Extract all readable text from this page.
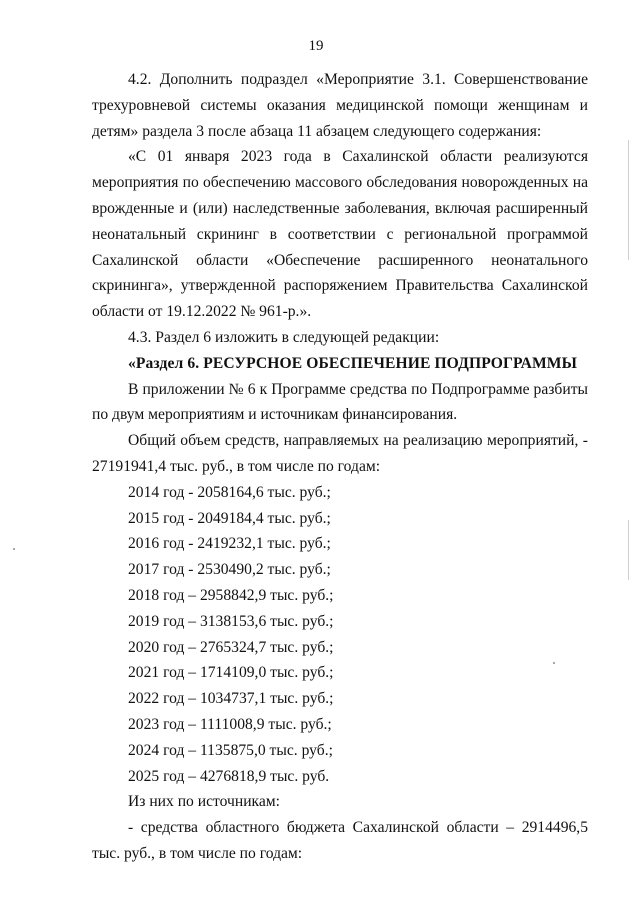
19

4.2. Дополнить подраздел «Мероприятие 3.1. Совершенствование трехуровневой системы оказания медицинской помощи женщинам и детям» раздела 3 после абзаца 11 абзацем следующего содержания:

«С 01 января 2023 года в Сахалинской области реализуются мероприятия по обеспечению массового обследования новорожденных на врожденные и (или) наследственные заболевания, включая расширенный неонатальный скрининг в соответствии с региональной программой Сахалинской области «Обеспечение расширенного неонатального скрининга», утвержденной распоряжением Правительства Сахалинской области от 19.12.2022 № 961-р.».

4.3. Раздел 6 изложить в следующей редакции:

«Раздел 6. РЕСУРСНОЕ ОБЕСПЕЧЕНИЕ ПОДПРОГРАММЫ

В приложении № 6 к Программе средства по Подпрограмме разбиты по двум мероприятиям и источникам финансирования.

Общий объем средств, направляемых на реализацию мероприятий, - 27191941,4 тыс. руб., в том числе по годам:

2014 год - 2058164,6 тыс. руб.;
2015 год - 2049184,4 тыс. руб.;
2016 год - 2419232,1 тыс. руб.;
2017 год - 2530490,2 тыс. руб.;
2018 год – 2958842,9 тыс. руб.;
2019 год – 3138153,6 тыс. руб.;
2020 год – 2765324,7 тыс. руб.;
2021 год – 1714109,0 тыс. руб.;
2022 год – 1034737,1 тыс. руб.;
2023 год – 1111008,9 тыс. руб.;
2024 год – 1135875,0 тыс. руб.;
2025 год – 4276818,9 тыс. руб.

Из них по источникам:

- средства областного бюджета Сахалинской области – 2914496,5 тыс. руб., в том числе по годам:
